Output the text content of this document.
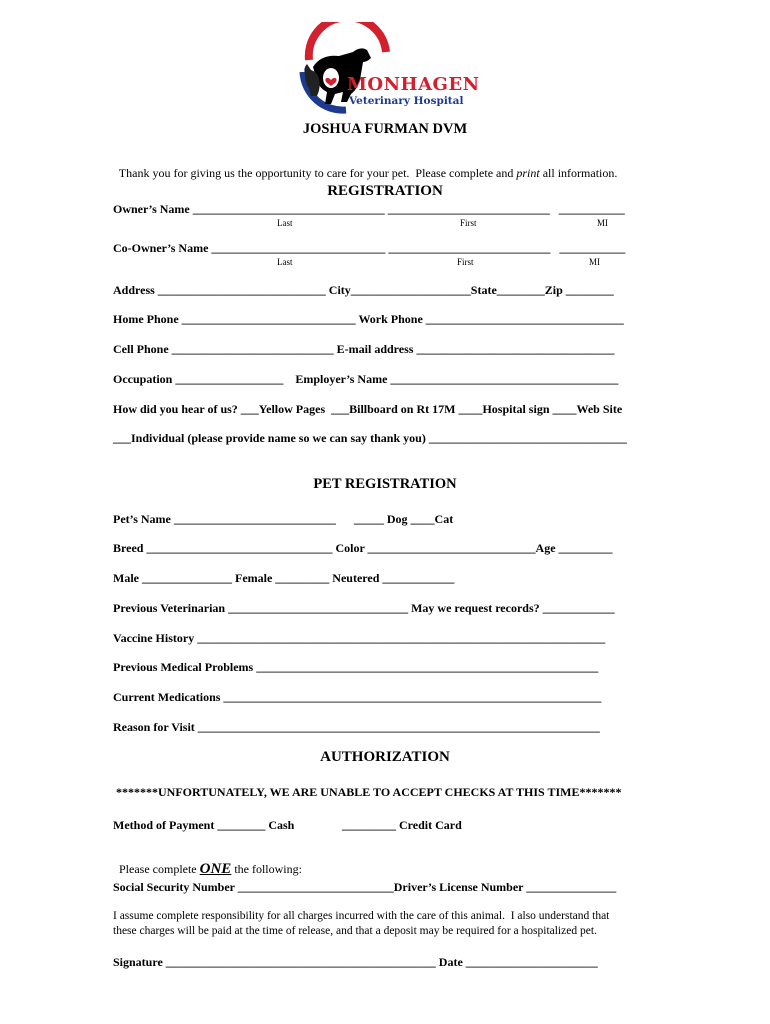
MONHAGEN

Veterinary Hospital

JOSHUA FURMAN DVM

Thank you for giving us the opportunity to care for your pet.  Please complete and print all information.

REGISTRATION
Owner’s Name ________________________________ ___________________________   ___________
Last	First	MI
Co-Owner’s Name _____________________________ ___________________________   ___________
Last	First	MI
Address ____________________________ City____________________State________Zip ________
Home Phone _____________________________ Work Phone _________________________________
Cell Phone ___________________________ E-mail address _________________________________
Occupation __________________    Employer’s Name ______________________________________
How did you hear of us? ___Yellow Pages  ___Billboard on Rt 17M ____Hospital sign ____Web Site
___Individual (please provide name so we can say thank you) _________________________________
PET REGISTRATION
Pet’s Name ___________________________      _____ Dog ____Cat
Breed _______________________________ Color ____________________________Age _________
Male _______________ Female _________ Neutered ____________
Previous Veterinarian ______________________________ May we request records? ____________
Vaccine History ____________________________________________________________________
Previous Medical Problems _________________________________________________________
Current Medications _______________________________________________________________
Reason for Visit ___________________________________________________________________
AUTHORIZATION
*******UNFORTUNATELY, WE ARE UNABLE TO ACCEPT CHECKS AT THIS TIME*******
Method of Payment ________ Cash	_________ Credit Card

Please complete ONE the following:

Social Security Number __________________________Driver’s License Number _______________
I assume complete responsibility for all charges incurred with the care of this animal.  I also understand that
these charges will be paid at the time of release, and that a deposit may be required for a hospitalized pet.
Signature _____________________________________________ Date ______________________
